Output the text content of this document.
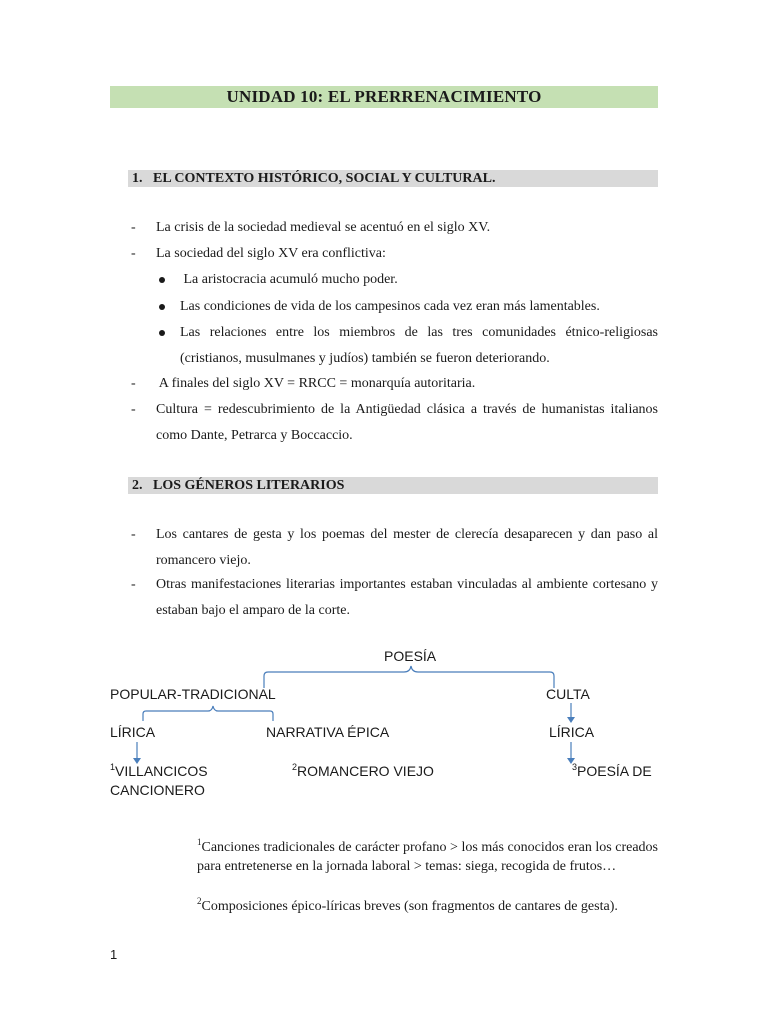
UNIDAD 10: EL PRERRENACIMIENTO
1.   EL CONTEXTO HISTÓRICO, SOCIAL Y CULTURAL.
- La crisis de la sociedad medieval se acentuó en el siglo XV.
- La sociedad del siglo XV era conflictiva:
La aristocracia acumuló mucho poder.
Las condiciones de vida de los campesinos cada vez eran más lamentables.
Las relaciones entre los miembros de las tres comunidades étnico-religiosas (cristianos, musulmanes y judíos) también se fueron deteriorando.
- A finales del siglo XV = RRCC = monarquía autoritaria.
- Cultura = redescubrimiento de la Antigüedad clásica a través de humanistas italianos como Dante, Petrarca y Boccaccio.
2.   LOS GÉNEROS LITERARIOS
- Los cantares de gesta y los poemas del mester de clerecía desaparecen y dan paso al romancero viejo.
- Otras manifestaciones literarias importantes estaban vinculadas al ambiente cortesano y estaban bajo el amparo de la corte.
POESÍA
POPULAR-TRADICIONAL	CULTA
LÍRICA	NARRATIVA ÉPICA	LÍRICA
$^1$VILLANCICOS	$^2$ROMANCERO VIEJO	$^3$POESÍA DE
CANCIONERO
$^1$Canciones tradicionales de carácter profano > los más conocidos eran los creados para entretenerse en la jornada laboral > temas: siega, recogida de frutos…
$^2$Composiciones épico-líricas breves (son fragmentos de cantares de gesta).
1
